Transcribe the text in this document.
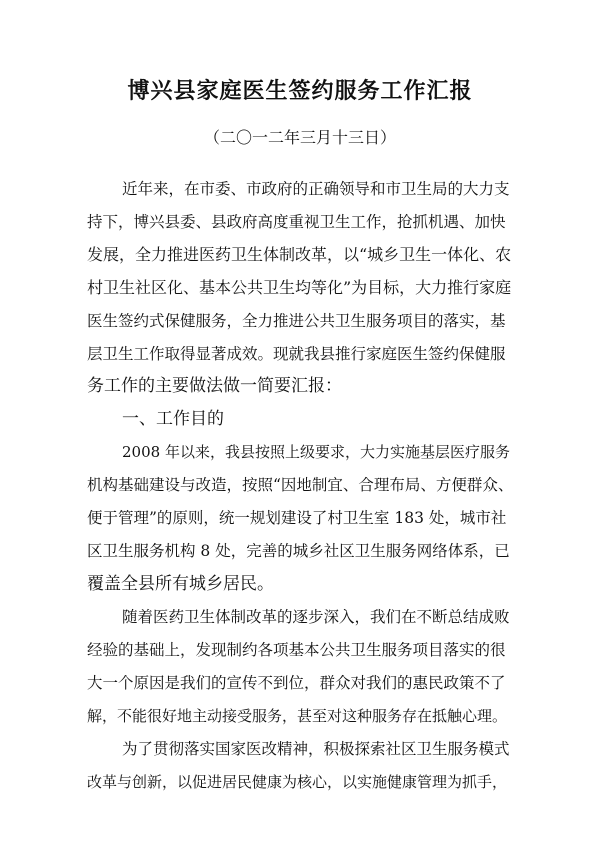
博兴县家庭医生签约服务工作汇报

（二〇一二年三月十三日）

近年来，在市委、市政府的正确领导和市卫生局的大力支

持下，博兴县委、县政府高度重视卫生工作，抢抓机遇、加快

发展，全力推进医药卫生体制改革，以“城乡卫生一体化、农

村卫生社区化、基本公共卫生均等化”为目标，大力推行家庭

医生签约式保健服务，全力推进公共卫生服务项目的落实，基

层卫生工作取得显著成效。现就我县推行家庭医生签约保健服

务工作的主要做法做一简要汇报：

一、工作目的

2008 年以来，我县按照上级要求，大力实施基层医疗服务

机构基础建设与改造，按照“因地制宜、合理布局、方便群众、

便于管理”的原则，统一规划建设了村卫生室 183 处，城市社

区卫生服务机构 8 处，完善的城乡社区卫生服务网络体系，已

覆盖全县所有城乡居民。

随着医药卫生体制改革的逐步深入，我们在不断总结成败

经验的基础上，发现制约各项基本公共卫生服务项目落实的很

大一个原因是我们的宣传不到位，群众对我们的惠民政策不了

解，不能很好地主动接受服务，甚至对这种服务存在抵触心理。

为了贯彻落实国家医改精神，积极探索社区卫生服务模式

改革与创新，以促进居民健康为核心，以实施健康管理为抓手，
